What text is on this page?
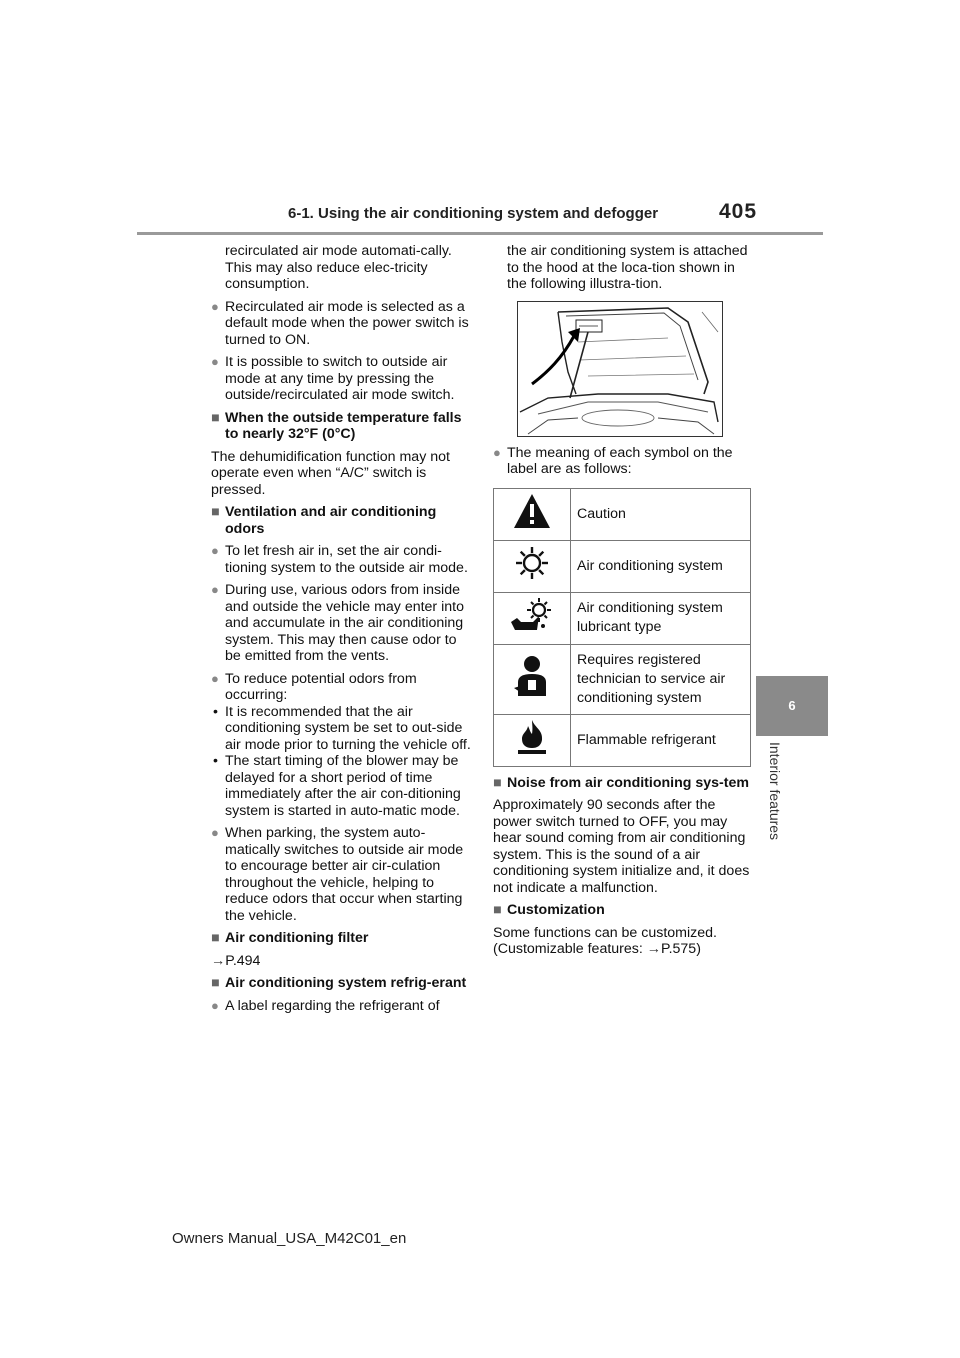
6-1. Using the air conditioning system and defogger	405
6
Interior features

recirculated air mode automati-cally. This may also reduce elec-tricity consumption.

● Recirculated air mode is selected as a default mode when the power switch is turned to ON.
● It is possible to switch to outside air mode at any time by pressing the outside/recirculated air mode switch.
■ When the outside temperature falls to nearly 32°F (0°C)

The dehumidification function may not operate even when “A/C” switch is pressed.

■ Ventilation and air conditioning odors
● To let fresh air in, set the air condi-tioning system to the outside air mode.
● During use, various odors from inside and outside the vehicle may enter into and accumulate in the air conditioning system. This may then cause odor to be emitted from the vents.
● To reduce potential odors from occurring:
• It is recommended that the air conditioning system be set to out-side air mode prior to turning the vehicle off.
• The start timing of the blower may be delayed for a short period of time immediately after the air con-ditioning system is started in auto-matic mode.
● When parking, the system auto-matically switches to outside air mode to encourage better air cir-culation throughout the vehicle, helping to reduce odors that occur when starting the vehicle.
■ Air conditioning filter

→P.494

■ Air conditioning system refrig-erant
● A label regarding the refrigerant of

the air conditioning system is attached to the hood at the loca-tion shown in the following illustra-tion.

● The meaning of each symbol on the label are as follows:
	Caution
	Air conditioning system
	Air conditioning system lubricant type
	Requires registered technician to service air conditioning system
	Flammable refrigerant
■ Noise from air conditioning sys-tem

Approximately 90 seconds after the power switch turned to OFF, you may hear sound coming from air conditioning system. This is the sound of a air conditioning system initialize and, it does not indicate a malfunction.

■ Customization

Some functions can be customized.
(Customizable features: →P.575)

Owners Manual_USA_M42C01_en
